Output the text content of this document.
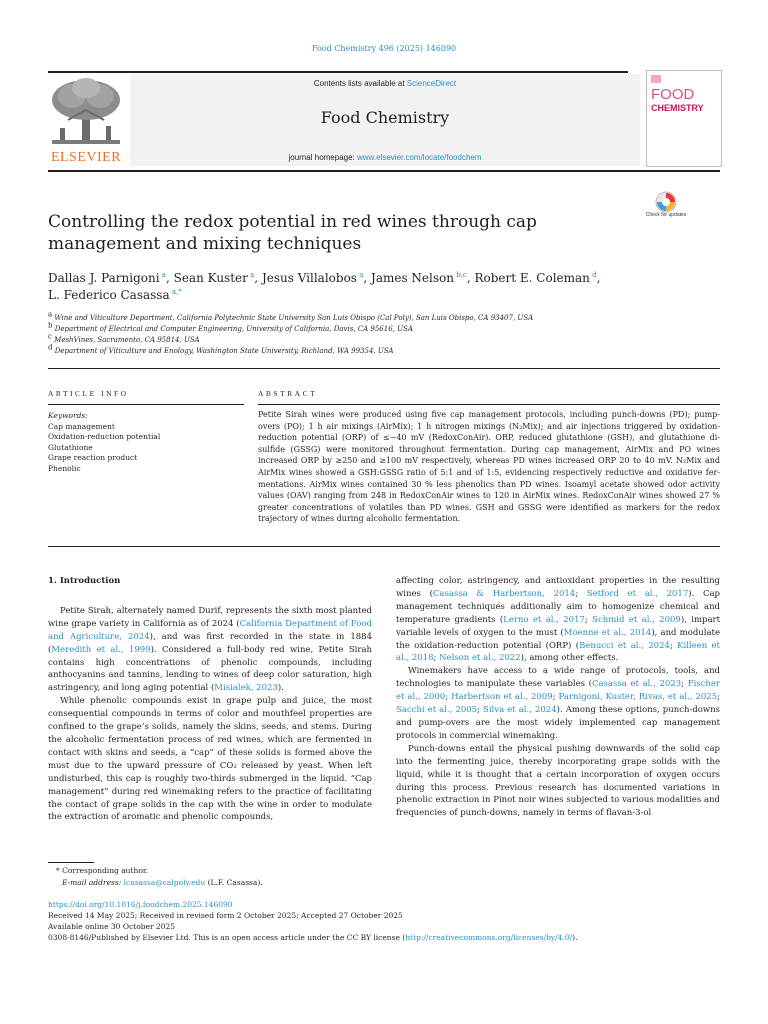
Food Chemistry 496 (2025) 146090
ELSEVIER
Contents lists available at ScienceDirect
Food Chemistry
journal homepage: www.elsevier.com/locate/foodchem
FOOD
CHEMISTRY
Controlling the redox potential in red wines through cap management and mixing techniques
Check for updates
Dallas J. Parnigoni $^a$, Sean Kuster $^a$, Jesus Villalobos $^a$, James Nelson $^{b,c}$, Robert E. Coleman $^d$,
L. Federico Casassa $^{a,*}$
$^a$ Wine and Viticulture Department, California Polytechnic State University San Luis Obispo (Cal Poly), San Luis Obispo, CA 93407, USA
$^b$ Department of Electrical and Computer Engineering, University of California, Davis, CA 95616, USA
$^c$ MeshVines, Sacramento, CA 95814, USA
$^d$ Department of Viticulture and Enology, Washington State University, Richland, WA 99354, USA
ARTICLE INFO	ABSTRACT
Keywords:
Cap management
Oxidation-reduction potential
Glutathione
Grape reaction product
Phenolic
Petite Sirah wines were produced using five cap management protocols, including punch-downs (PD); pump-overs (PO); 1 h air mixings (AirMix); 1 h nitrogen mixings (N₂Mix); and air injections triggered by oxidation-reduction potential (ORP) of ≤−40 mV (RedoxConAir). ORP, reduced glutathione (GSH), and glutathione di-sulfide (GSSG) were monitored throughout fermentation. During cap management, AirMix and PO wines increased ORP by ≥250 and ≥100 mV respectively, whereas PD wines increased ORP 20 to 40 mV. N₂Mix and AirMix wines showed a GSH:GSSG ratio of 5:1 and of 1:5, evidencing respectively reductive and oxidative fer-mentations. AirMix wines contained 30 % less phenolics than PD wines. Isoamyl acetate showed odor activity values (OAV) ranging from 248 in RedoxConAir wines to 120 in AirMix wines. RedoxConAir wines showed 27 % greater concentrations of volatiles than PD wines. GSH and GSSG were identified as markers for the redox trajectory of wines during alcoholic fermentation.
1. Introduction

Petite Sirah, alternately named Durif, represents the sixth most planted wine grape variety in California as of 2024 (California Department of Food and Agriculture, 2024), and was first recorded in the state in 1884 (Meredith et al., 1999). Considered a full-body red wine, Petite Sirah contains high concentrations of phenolic compounds, including anthocyanins and tannins, lending to wines of deep color saturation, high astringency, and long aging potential (Misialek, 2023).

While phenolic compounds exist in grape pulp and juice, the most consequential compounds in terms of color and mouthfeel properties are confined to the grape’s solids, namely the skins, seeds, and stems. During the alcoholic fermentation process of red wines, which are fermented in contact with skins and seeds, a “cap” of these solids is formed above the must due to the upward pressure of CO₂ released by yeast. When left undisturbed, this cap is roughly two-thirds submerged in the liquid. “Cap management” during red winemaking refers to the practice of facilitating the contact of grape solids in the cap with the wine in order to modulate the extraction of aromatic and phenolic compounds,

affecting color, astringency, and antioxidant properties in the resulting wines (Casassa & Harbertson, 2014; Setford et al., 2017). Cap management techniques additionally aim to homogenize chemical and temperature gradients (Lerno et al., 2017; Schmid et al., 2009), impart variable levels of oxygen to the must (Moenne et al., 2014), and modulate the oxidation-reduction potential (ORP) (Benucci et al., 2024; Killeen et al., 2018; Nelson et al., 2022), among other effects.

Winemakers have access to a wide range of protocols, tools, and technologies to manipulate these variables (Casassa et al., 2023; Fischer et al., 2000; Harbertson et al., 2009; Parnigoni, Kuster, Rivas, et al., 2025; Sacchi et al., 2005; Silva et al., 2024). Among these options, punch-downs and pump-overs are the most widely implemented cap management protocols in commercial winemaking.

Punch-downs entail the physical pushing downwards of the solid cap into the fermenting juice, thereby incorporating grape solids with the liquid, while it is thought that a certain incorporation of oxygen occurs during this process. Previous research has documented variations in phenolic extraction in Pinot noir wines subjected to various modalities and frequencies of punch-downs, namely in terms of flavan-3-ol

* Corresponding author.
E-mail address: lcasassa@calpoly.edu (L.F. Casassa).
https://doi.org/10.1016/j.foodchem.2025.146090
Received 14 May 2025; Received in revised form 2 October 2025; Accepted 27 October 2025
Available online 30 October 2025
0308-8146/Published by Elsevier Ltd. This is an open access article under the CC BY license (http://creativecommons.org/licenses/by/4.0/).
